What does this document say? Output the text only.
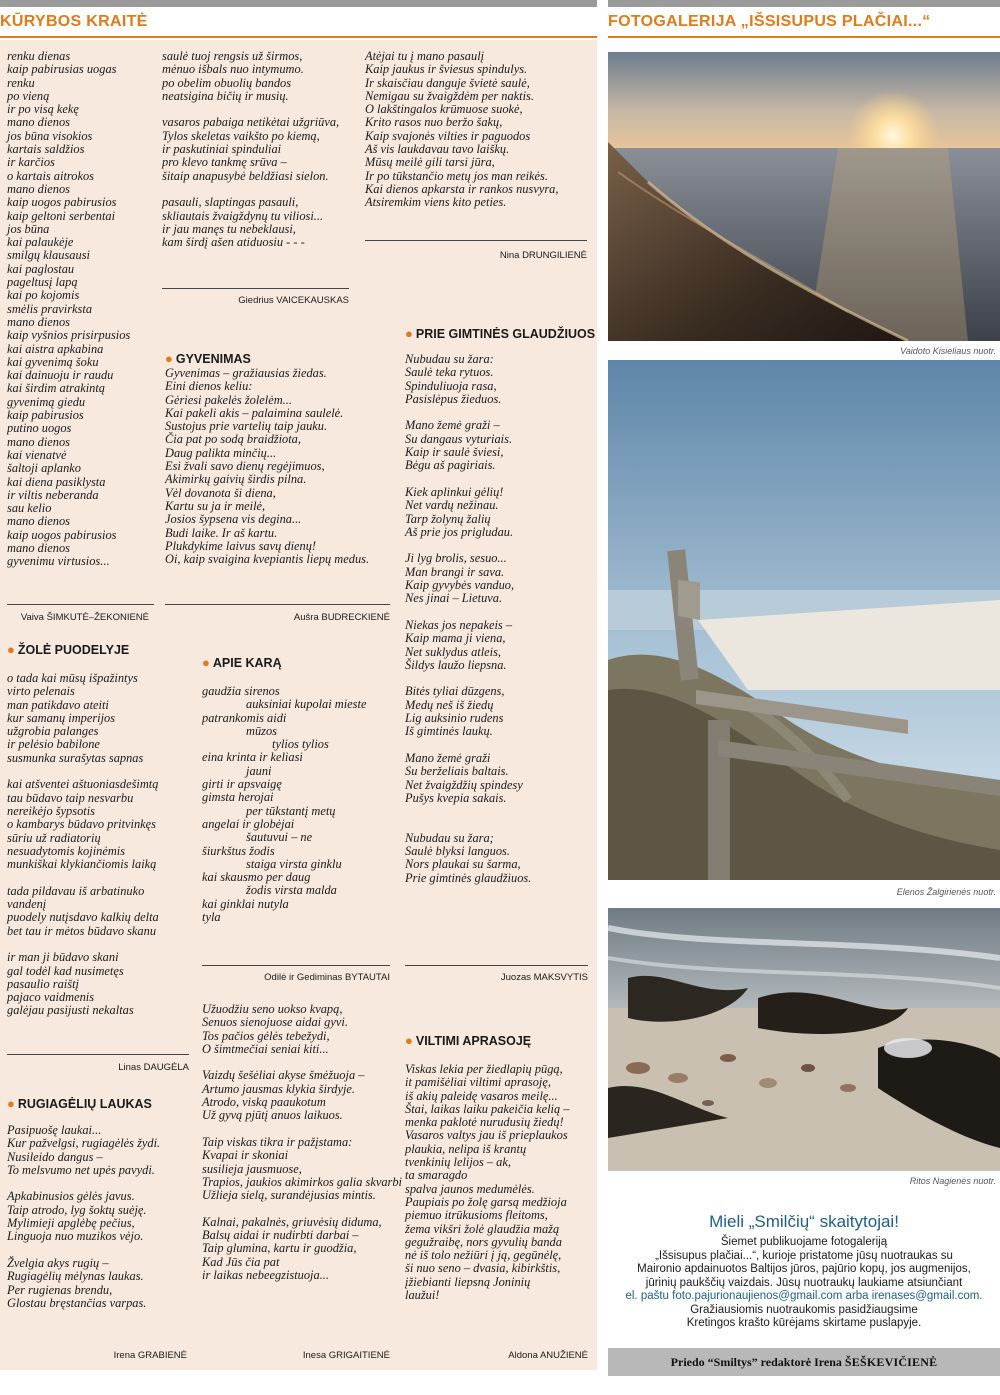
KŪRYBOS KRAITĖ	FOTOGALERIJA „IŠSISUPUS PLAČIAI...“
renku dienas
kaip pabirusias uogas
renku
po vieną
ir po visą kekę
mano dienos
jos būna visokios
kartais saldžios
ir karčios
o kartais aitrokos
mano dienos
kaip uogos pabirusios
kaip geltoni serbentai
jos būna
kai palaukėje
smilgų klausausi
kai paglostau
pageltusį lapą
kai po kojomis
smėlis pravirksta
mano dienos
kaip vyšnios prisirpusios
kai aistra apkabina
kai gyvenimą šoku
kai dainuoju ir raudu
kai širdim atrakintą
gyvenimą giedu
kaip pabirusios
putino uogos
mano dienos
kai vienatvė
šaltoji aplanko
kai diena pasiklysta
ir viltis neberanda
sau kelio
mano dienos
kaip uogos pabirusios
mano dienos
gyvenimu virtusios...
Vaiva ŠIMKUTĖ–ŽEKONIENĖ
● ŽOLĖ PUODELYJE
o tada kai mūsų išpažintys
virto pelenais
man patikdavo ateiti
kur samanų imperijos
užgrobia palanges
ir pelėsio babilone
susmunka surašytas sapnas
kai atšventei aštuoniasdešimtą
tau būdavo taip nesvarbu
nereikėjo šypsotis
o kambarys būdavo pritvinkęs
sūriu už radiatorių
nesuadytomis kojinėmis
munkiškai klykiančiomis laiką
tada pildavau iš arbatinuko
vandenį
puodely nutįsdavo kalkių delta
bet tau ir mėtos būdavo skanu
ir man ji būdavo skani
gal todėl kad nusimetęs
pasaulio raištį
pajaco vaidmenis
galėjau pasijusti nekaltas
Linas DAUGĖLA
● RUGIAGĖLIŲ LAUKAS
Pasipuošę laukai...
Kur pažvelgsi, rugiagėlės žydi.
Nusileido dangus –
To melsvumo net upės pavydi.
Apkabinusios gėlės javus.
Taip atrodo, lyg šoktų suėję.
Mylimieji apglėbę pečius,
Linguoja nuo muzikos vėjo.
Žvelgia akys rugių –
Rugiagėlių mėlynas laukas.
Per rugienas brendu,
Glostau bręstančias varpas.
Irena GRABIENĖ
saulė tuoj rengsis už širmos,
mėnuo išbals nuo intymumo.
po obelim obuolių bandos
neatsigina bičių ir musių.
vasaros pabaiga netikėtai užgriūva,
Tylos skeletas vaikšto po kiemą,
ir paskutiniai spinduliai
pro klevo tankmę srūva –
šitaip anapusybė beldžiasi sielon.
pasauli, slaptingas pasauli,
skliautais žvaigždynų tu viliosi...
ir jau manęs tu nebeklausi,
kam širdį ašen atiduosiu - - -
Giedrius VAICEKAUSKAS
● GYVENIMAS
Gyvenimas – gražiausias žiedas.
Eini dienos keliu:
Gėriesi pakelės žolelėm...
Kai pakeli akis – palaimina saulelė.
Sustojus prie vartelių taip jauku.
Čia pat po sodą braidžiota,
Daug palikta minčių...
Esi žvali savo dienų regėjimuos,
Akimirkų gaivių širdis pilna.
Vėl dovanota ši diena,
Kartu su ja ir meilė,
Josios šypsena vis degina...
Budi laike. Ir aš kartu.
Plukdykime laivus savų dienų!
Oi, kaip svaigina kvepiantis liepų medus.
Aušra BUDRECKIENĖ
● APIE KARĄ
gaudžia sirenos
auksiniai kupolai mieste
patrankomis aidi
mūzos
tylios tylios
eina krinta ir keliasi
jauni
girti ir apsvaigę
gimsta herojai
per tūkstantį metų
angelai ir globėjai
šautuvui – ne
šiurkštus žodis
staiga virsta ginklu
kai skausmo per daug
žodis virsta malda
kai ginklai nutyla
tyla
Odilė ir Gediminas BYTAUTAI
Užuodžiu seno uokso kvapą,
Senuos sienojuose aidai gyvi.
Tos pačios gėlės tebežydi,
O šimtmečiai seniai kiti...
Vaizdų šešėliai akyse šmėžuoja –
Artumo jausmas klykia širdyje.
Atrodo, viską paaukotum
Už gyvą pjūtį anuos laikuos.
Taip viskas tikra ir pažįstama:
Kvapai ir skoniai
susilieja jausmuose,
Trapios, jaukios akimirkos galia skvarbi
Užlieja sielą, surandėjusias mintis.
Kalnai, pakalnės, griuvėsių diduma,
Balsų aidai ir nudirbti darbai –
Taip glumina, kartu ir guodžia,
Kad Jūs čia pat
ir laikas nebeegzistuoja...
Inesa GRIGAITIENĖ
Atėjai tu į mano pasaulį
Kaip jaukus ir šviesus spindulys.
Ir skaisčiau danguje švietė saulė,
Nemigau su žvaigždėm per naktis.
O lakštingalos krūmuose suokė,
Krito rasos nuo beržo šakų,
Kaip svajonės vilties ir paguodos
Aš vis laukdavau tavo laiškų.
Mūsų meilė gili tarsi jūra,
Ir po tūkstančio metų jos man reikės.
Kai dienos apkarsta ir rankos nusvyra,
Atsiremkim viens kito peties.
Nina DRUNGILIENĖ
● PRIE GIMTINĖS GLAUDŽIUOS
Nubudau su žara:
Saulė teka rytuos.
Spinduliuoja rasa,
Pasislėpus žieduos.
Mano žemė graži –
Su dangaus vyturiais.
Kaip ir saulė šviesi,
Bėgu aš pagiriais.
Kiek aplinkui gėlių!
Net vardų nežinau.
Tarp žolynų žalių
Aš prie jos prigludau.
Ji lyg brolis, sesuo...
Man brangi ir sava.
Kaip gyvybės vanduo,
Nes jinai – Lietuva.
Niekas jos nepakeis –
Kaip mama ji viena,
Net suklydus atleis,
Šildys laužo liepsna.
Bitės tyliai dūzgens,
Medų neš iš žiedų
Lig auksinio rudens
Iš gimtinės laukų.
Mano žemė graži
Su berželiais baltais.
Net žvaigždžių spindesy
Pušys kvepia sakais.
Nubudau su žara;
Saulė blyksi languos.
Nors plaukai su šarma,
Prie gimtinės glaudžiuos.
Juozas MAKSVYTIS
● VILTIMI APRASOJĘ
Viskas lekia per žiedlapių pūgą,
it pamišėliai viltimi aprasoję,
iš akių paleidę vasaros meilę...
Štai, laikas laiku pakeičia kelią –
menka paklotė nurudusių žiedų!
Vasaros valtys jau iš prieplaukos
plaukia, nelipa iš krantų
tvenkinių lelijos – ak,
ta smaragdo
spalva jaunos medumėlės.
Paupiais po žolę garsą medžioja
piemuo itrūkusioms fleitoms,
žema vikšri žolė glaudžia mažą
gegužraibę, nors gyvulių banda
nė iš tolo nežiūri į ją, gegūnėlę,
ši nuo seno – dvasia, kibirkštis,
įžiebianti liepsną Joninių
laužui!
Aldona ANUŽIENĖ
Vaidoto Kisieliaus nuotr.
Elenos Žalgirienės nuotr.
Ritos Nagienės nuotr.
Mieli „Smilčių“ skaitytojai!
Šiemet publikuojame fotogaleriją
„Išsisupus plačiai...“, kurioje pristatome jūsų nuotraukas su
Maironio apdainuotos Baltijos jūros, pajūrio kopų, jos augmenijos,
jūrinių paukščių vaizdais. Jūsų nuotraukų laukiame atsiunčiant
el. paštu foto.pajurionaujienos@gmail.com arba irenases@gmail.com.
Gražiausiomis nuotraukomis pasidžiaugsime
Kretingos krašto kūrėjams skirtame puslapyje.
Priedo “Smiltys” redaktorė Irena ŠEŠKEVIČIENĖ
